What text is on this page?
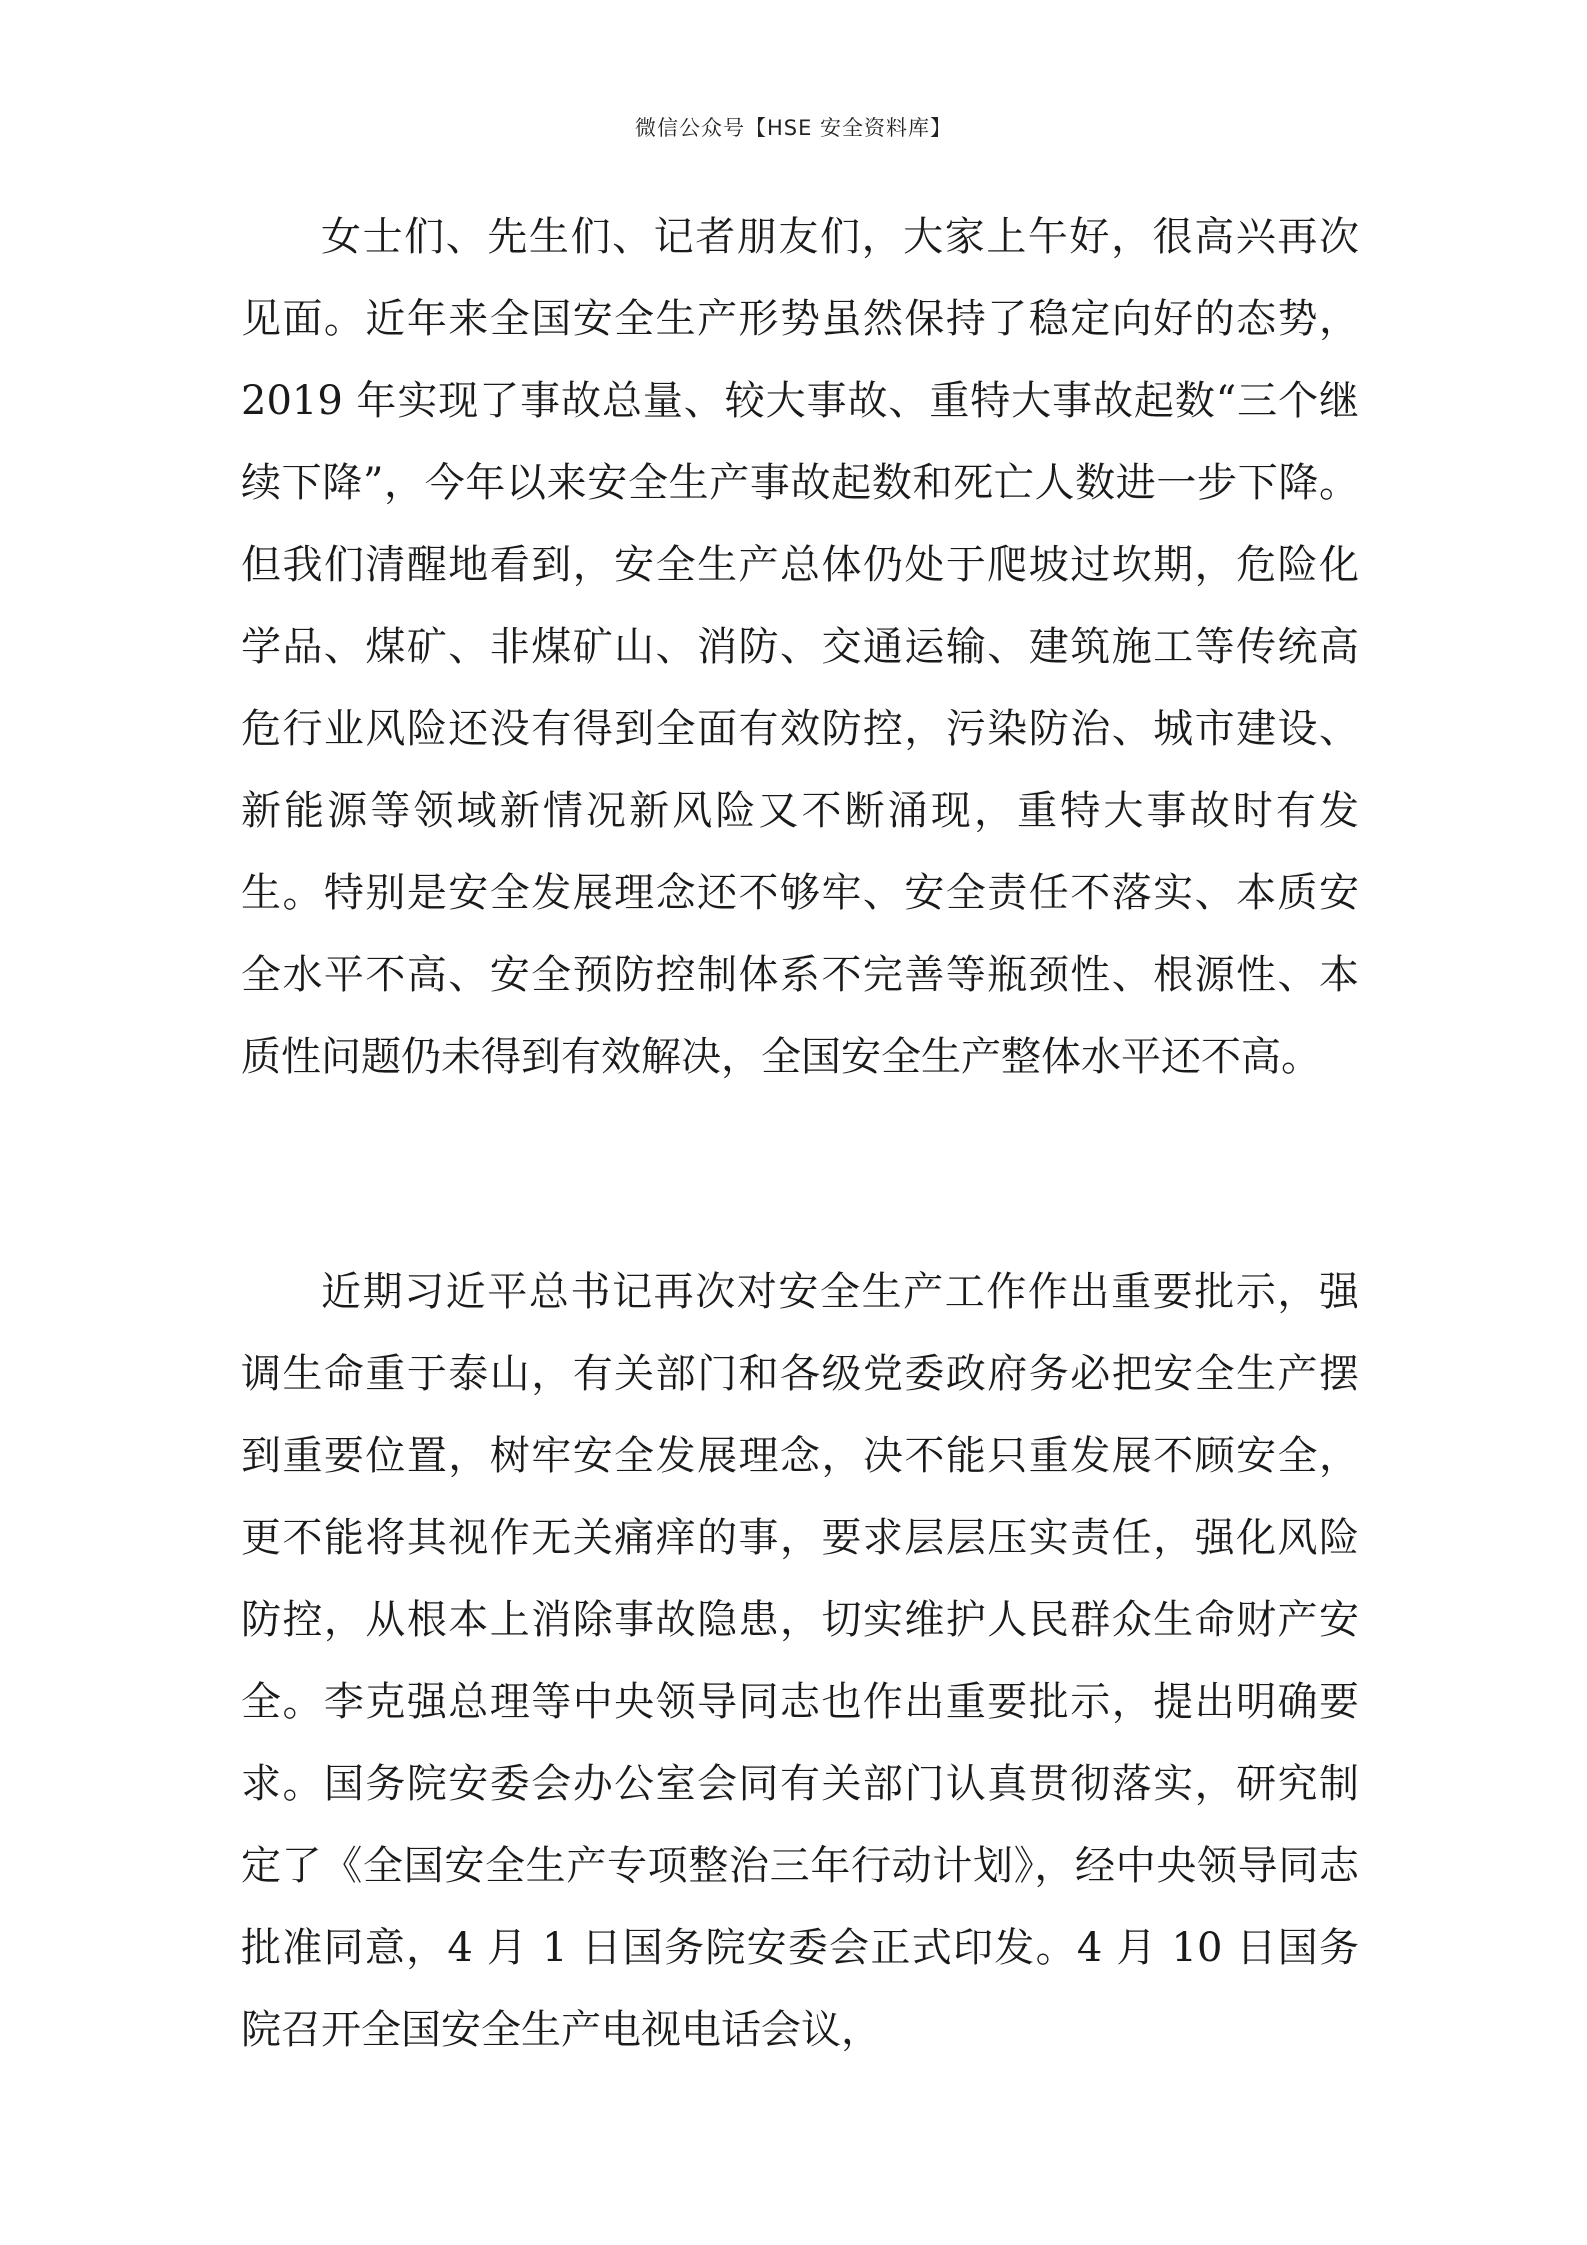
微信公众号【HSE 安全资料库】

女士们、先生们、记者朋友们，大家上午好，很高兴再次见面。近年来全国安全生产形势虽然保持了稳定向好的态势，2019 年实现了事故总量、较大事故、重特大事故起数“三个继续下降”，今年以来安全生产事故起数和死亡人数进一步下降。但我们清醒地看到，安全生产总体仍处于爬坡过坎期，危险化学品、煤矿、非煤矿山、消防、交通运输、建筑施工等传统高危行业风险还没有得到全面有效防控，污染防治、城市建设、新能源等领域新情况新风险又不断涌现，重特大事故时有发生。特别是安全发展理念还不够牢、安全责任不落实、本质安全水平不高、安全预防控制体系不完善等瓶颈性、根源性、本质性问题仍未得到有效解决，全国安全生产整体水平还不高。

近期习近平总书记再次对安全生产工作作出重要批示，强调生命重于泰山，有关部门和各级党委政府务必把安全生产摆到重要位置，树牢安全发展理念，决不能只重发展不顾安全，更不能将其视作无关痛痒的事，要求层层压实责任，强化风险防控，从根本上消除事故隐患，切实维护人民群众生命财产安全。李克强总理等中央领导同志也作出重要批示，提出明确要求。国务院安委会办公室会同有关部门认真贯彻落实，研究制定了《全国安全生产专项整治三年行动计划》，经中央领导同志批准同意，4 月 1 日国务院安委会正式印发。4 月 10 日国务院召开全国安全生产电视电话会议，
